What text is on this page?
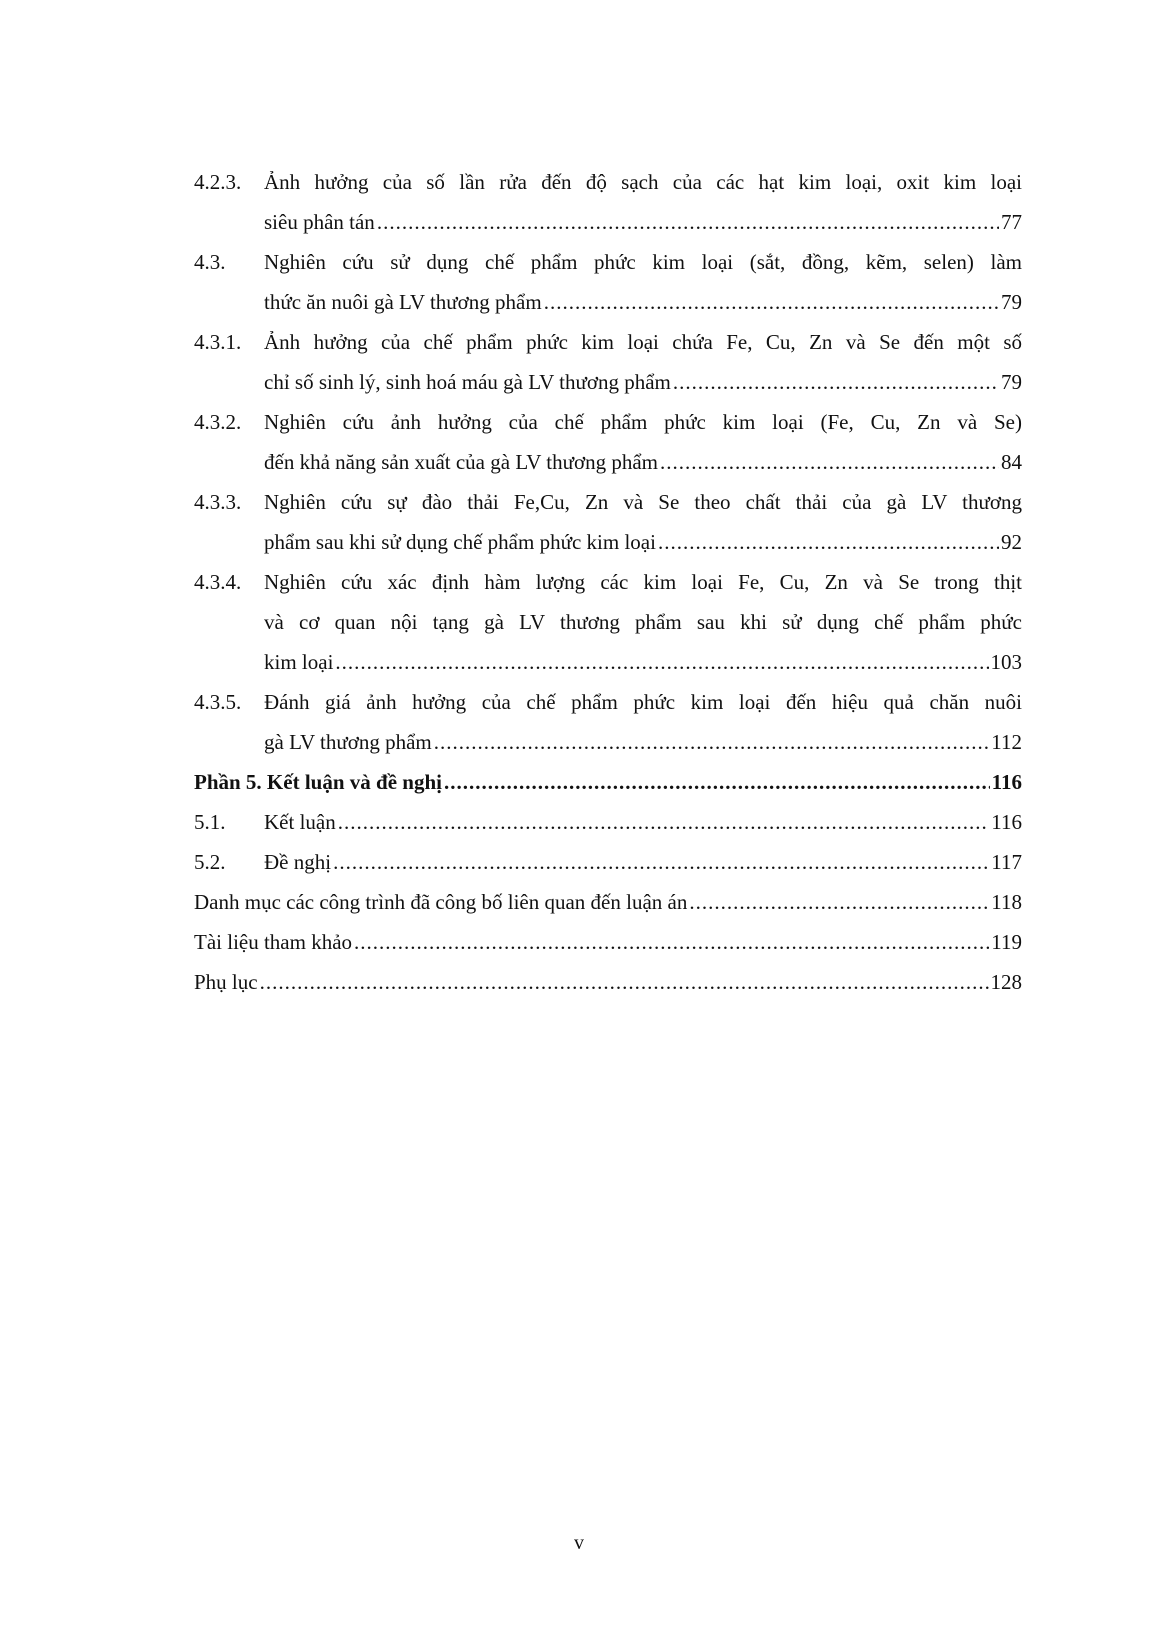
4.2.3. Ảnh hưởng của số lần rửa đến độ sạch của các hạt kim loại, oxit kim loại
siêu phân tán .....	77
4.3. Nghiên cứu sử dụng chế phẩm phức kim loại (sắt, đồng, kẽm, selen) làm
thức ăn nuôi gà LV thương phẩm .....	79
4.3.1. Ảnh hưởng của chế phẩm phức kim loại chứa Fe, Cu, Zn và Se đến một số
chỉ số sinh lý, sinh hoá máu gà LV thương phẩm .....	79
4.3.2. Nghiên cứu ảnh hưởng của chế phẩm phức kim loại (Fe, Cu, Zn và Se)
đến khả năng sản xuất của gà LV thương phẩm .....	84
4.3.3. Nghiên cứu sự đào thải Fe,Cu, Zn và Se theo chất thải của gà LV thương
phẩm sau khi sử dụng chế phẩm phức kim loại .....	92
4.3.4. Nghiên cứu xác định hàm lượng các kim loại Fe, Cu, Zn và Se trong thịt
và cơ quan nội tạng gà LV thương phẩm sau khi sử dụng chế phẩm phức
kim loại .....	103
4.3.5. Đánh giá ảnh hưởng của chế phẩm phức kim loại đến hiệu quả chăn nuôi
gà LV thương phẩm .....	112
Phần 5. Kết luận và đề nghị .....	116
5.1. Kết luận .....	116
5.2. Đề nghị .....	117
Danh mục các công trình đã công bố liên quan đến luận án .....	118
Tài liệu tham khảo .....	119
Phụ lục .....	128
v
